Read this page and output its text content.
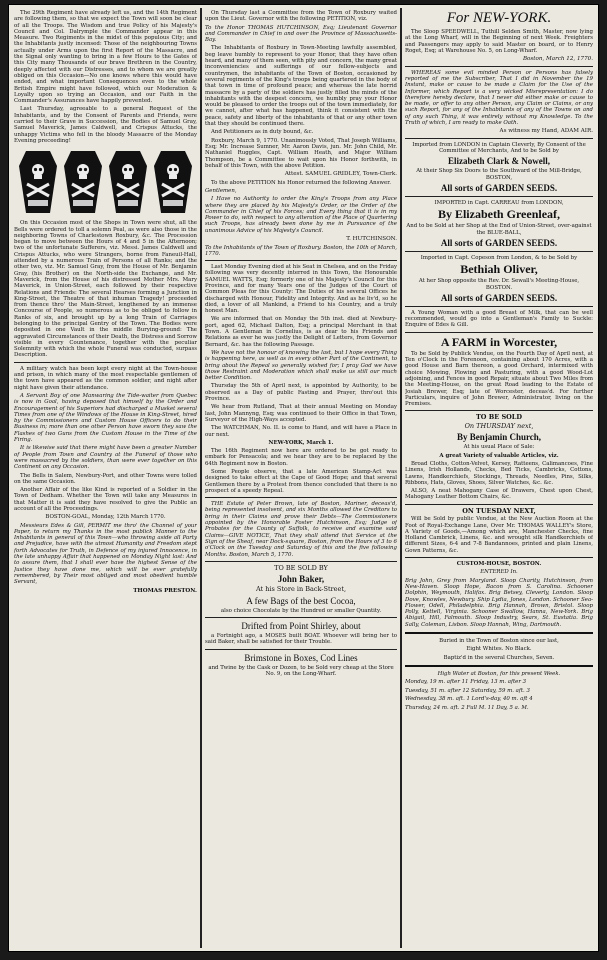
The 29th Regiment have already left us, and the 14th Regiment are following them, so that we expect the Town will soon be clear of all the Troops. The Wisdom and true Policy of his Majesty's Council and Col. Dalrymple the Commander appear in this Measure. Two Regiments in the midst of this populous City; and the Inhabitants justly incensed: Those of the neighbouring Towns actually under Arms upon the first Report of the Massacre, and the Signal only wanting to bring in a few Hours to the Gates of this City many Thousands of our brave Brethren in the Country, deeply affected with our Distresses, and to whom we are greatly obliged on this Occasion—No one knows where this would have ended, and what important Consequences even to the whole British Empire might have followed, which our Moderation & Loyalty upon so trying an Occasion, and our Faith in the Commander's Assurances have happily prevented.

Last Thursday, agreeable to a general Request of the Inhabitants, and by the Consent of Parents and Friends, were carried to their Grave in Succession, the Bodies of Samuel Gray, Samuel Maverick, James Caldwell, and Crispus Attucks, the unhappy Victims who fell in the bloody Massacre of the Monday Evening preceeding!

On this Occasion most of the Shops in Town were shut, all the Bells were ordered to toll a solemn Peal, as were also those in the neighboring Towns of Charlestown Roxbury, &c. The Procession began to move between the Hours of 4 and 5 in the Afternoon; two of the unfortunate Sufferers, viz. Messi. James Caldwell and Crispus Attucks, who were Strangers, borne from Faneuil-Hall, attended by a numerous Train of Persons of all Ranks; and the other two, viz. Mr. Samuel Gray, from the House of Mr. Benjamin Gray, (his Brother) on the North-side the Exchange, and Mr. Maverick, from the House of his distressed Mother Mrs. Mary Maverick, in Union-Street, each followed by their respective Relations and Friends: The several Hearses forming a Junction in King-Street, the Theatre of that inhuman Tragedy! proceeded from thence thro' the Main-Street, lengthened by an immense Concourse of People, so numerous as to be obliged to follow in Ranks of six, and brought up by a long Train of Carriages belonging to the principal Gentry of the Town. The Bodies were deposited in one Vault in the middle Burying-ground: The aggravated Circumstances of their Death, the Distress and Sorrow visible in every Countenance, together with the peculiar Solemnity with which the whole Funeral was conducted, surpass Description.

A military watch has been kept every night at the Town-house and prison, in which many of the most respectable gentlemen of the town have appeared as the common soldier, and night after night have given their attendance.

A Servant Boy of one Manwaring the Tide-waiter from Quebec is now in Goal, having deposed that himself by the Order and Encouragement of his Superiors had discharged a Musket several Times from one of the Windows of the House in King-Street, hired by the Commissioners and Custom House Officers to do their Business in; more than one other Person have sworn they saw the Flashes of two Guns from the Custom House in the Time of the Firing.

It is likewise said that there might have been a greater Number of People from Town and Country at the Funeral of those who were massacred by the soldiers, than were ever together on this Continent on any Occasion.

The Bells in Salem, Newbury-Port, and other Towns were tolled on the same Occasion.

Another Affair of the like Kind is reported of a Soldier in the Town of Dedham. Whether the Town will take any Measures in that Matter it is said they have resolved to give the Public an account of all the Proceedings.

BOSTON-GOAL, Monday, 12th March 1770.

Messieurs Edes & Gill, PERMIT me thro' the Channel of your Paper, to return my Thanks in the most publick Manner to the Inhabitants in general of this Town—who throwing aside all Party and Prejudice, have with the utmost Humanity and Freedom stept forth Advocates for Truth, in Defence of my injured Innocence, in the late unhappy Affair that happened on Monday Night last: And to assure them, that I shall ever have the highest Sense of the Justice they have done me, which will be ever gratefully remembered, by Their most obliged and most obedient humble Servant,

THOMAS PRESTON.

On Thursday last a Committee from the Town of Roxbury waited upon the Lieut. Governor with the following PETITION, viz.

To the Honor THOMAS HUTCHINSON, Esq; Lieutenant Governor and Commander in Chief in and over the Province of Massachusetts-Bay.

The Inhabitants of Roxbury in Town-Meeting lawfully assembled, beg leave humbly to represent to your Honor, that they have often heard, and many of them seen, with pity and concern, the many great inconveniencies and sufferings of our fellow-subjects and countrymen, the inhabitants of the Town of Boston, occasioned by several regiments of the King's troops being quartered in the body of that town in time of profound peace; and whereas the late horrid massacre by a party of the soldiers has justly filled the minds of the inhabitants with the deepest concern, we humbly pray your Honor would be pleased to order the troops out of the town immediately, for we cannot, after what has happened, think it consistent with the peace, safety and liberty of the inhabitants of that or any other town that they should be continued there.

And Petitioners as in duty bound, &c.

Roxbury, March 9, 1770. Unanimously Voted, That Joseph Williams, Esq; Mr. Increase Sumner, Mr. Aaron Davis, jun. Mr. John Child, Mr. Nathaniel Ruggles, Capt. William Heath, and Major William Thompson, be a Committee to wait upon his Honor forthwith, in behalf of this Town, with the above Petition.

Attest. SAMUEL GRIDLEY, Town-Clerk.

To the above PETITION his Honor returned the following Answer.

Gentlemen,

I Have no Authority to order the King's Troops from any Place where they are placed by his Majesty's Order, or the Order of the Commander in Chief of his Forces; and Every thing that it is in my Power to do, with respect to any alteration of the Place of Quartering such Troops, has already been done by me in Pursuance of the unanimous Advice of his Majesty's Council.

T. HUTCHINSON.

To the Inhabitants of the Town of Roxbury. Boston, the 10th of March, 1770.

Last Monday Evening died at his Seat in Chelsea, and on the Friday following was very decently interred in this Town, the Honourable SAMUEL WATTS, Esq; formerly one of his Majesty's Council for this Province, and for many Years one of the Judges of the Court of Common Pleas for this County: The Duties of his several Offices he discharged with Honour, Fidelity and Integrity. And as he liv'd, so he died, a lover of all Mankind, a Friend to his Country, and a truly honest Man.

We are informed that on Monday the 5th inst. died at Newbury-port, aged 62, Michael Dalton, Esq; a principal Merchant in that Town. A Gentleman in Cornelius, is as dear to his Friends and Relations as ever he was justly the Delight of Letters, from Governor Bernard, &c. has the following Passage.

We have not the honour of knowing the last, but I hope every Thing is happening here, as well as in every other Part of the Continent, to bring about the Repeal so generally wished for; I pray God we have those Restraint and Moderation which shall make us still our much better Condition.

Thursday the 5th of April next, is appointed by Authority, to be observed as a Day of public Fasting and Prayer, thro'out this Province.

We hear from Rutland, That at their annual Meeting on Monday last, John Mannyng, Esq; was continued to their Office in that Town, Surveyor of the High-Ways accepted.

The WATCHMAN, No. II. is come to Hand, and will have a Place in our next.

NEW-YORK, March 1.

The 16th Regiment now here are ordered to be got ready to embark for Pensacola; and we hear they are to be replaced by the 64th Regiment now in Boston.

Some People observe, that a late American Stamp-Act was designed to take effect at the Cape of Good Hope; and that several Gentlemen there by a Protest from thence concluded that there is no prospect of a speedy Repeal.

THE Estate of Peter Brown, late of Boston, Mariner, deceas'd, being represented insolvent, and six Months allowed the Creditors to bring in their Claims and prove their Debts—The Commissioners appointed by the Honorable Foster Hutchinson, Esq; Judge of Probates for the County of Suffolk, to receive and examine said Claims—GIVE NOTICE, That they shall attend that Service at the Sign of the Sheaf, near Dock-square, Boston, from the Hours of 3 to 6 o'Clock on the Tuesday and Saturday of this and the five following Months. Boston, March 5, 1770.

TO BE SOLD BY

John Baker,

At his Store in Back-Street,

A few Bags of the best Cocoa,

also choice Chocolate by the Hundred or smaller Quantity.

Drifted from Point Shirley, about

a Fortnight ago, a MOSES built BOAT. Whoever will bring her to said Baker, shall be satisfied for their Trouble.

Brimstone in Boxes, Cod Lines

and Twine by the Cask or Dozen, to be Sold very cheap at the Store No. 9, on the Long-Wharf.

For NEW-YORK.

The Sloop SPEEDWELL, Tuthill Selden Smith, Master, now lying at the Long Wharf, will in the Beginning of next Week. Freighters and Passengers may apply to said Master on board, or to Henry Roget, Esq; at Warehouse No. 5, on Long-Wharf.

Boston, March 12, 1770.

WHEREAS some evil minded Person or Persons has falsely reported of me the Subscriber, That I did in November the 19 Instant, make or cause to be made a Claim for the Use of the Informer, which Report is a very wicked Misrepresentation: I do therefore hereby declare, that I never did either make or cause to be made, or offer to any other Person, any Claim or Claims, or any such Report, for any of the Inhabitants of any of the Towns on and of any such Thing, it was entirely without my Knowledge. To the Truth of which, I am ready to make Oath.

As witness my Hand, ADAM AIR.

Imported from LONDON in Captain Cleverly, By Consent of the Committee of Merchants, And to be Sold by

Elizabeth Clark & Nowell,

At their Shop Six Doors to the Southward of the Mill-Bridge, BOSTON,

All sorts of GARDEN SEEDS.

IMPORTED in Capt. CARREAU from LONDON,

By Elizabeth Greenleaf,

And to be Sold at her Shop at the End of Union-Street, over-against the BLUE-BALL,

All sorts of GARDEN SEEDS.

Imported in Capt. Copeson from London, & to be Sold by

Bethiah Oliver,

At her Shop opposite the Rev. Dr. Sewall's Meeting-House, BOSTON.

All sorts of GARDEN SEEDS.

A Young Woman with a good Breast of Milk, that can be well recommended, would go into a Gentleman's Family to Suckle: Enquire of Edes & Gill.

A FARM in Worcester,

To be Sold by Publick Vendue, on the Fourth Day of April next, at Ten o'Clock in the Forenoon, containing about 170 Acres, with a good House and Barn thereon, a good Orchard, intermixed with choice Mowing, Plowing and Pasturing, with a good Wood-Lot adjoining, and Fences in good Repair, situate about Two Miles from the Meeting-House, on the great Road leading to the Estate of Josiah Brewer, Esq; late of Worcester, deceas'd. For further Particulars, inquire of John Brewer, Administrator, living on the Premises.

TO BE SOLD

On THURSDAY next,

By Benjamin Church,

At his usual Place of Sale:

A great Variety of valuable Articles, viz.

Broad Cloths, Cotton-Velvet, Kersey, Ratteens, Calimancoes, Fine Linens, Irish Hollands, Checks, Bed Ticks, Cambricks, Cottons, Lawns, Handkerchiefs, Stockings, Threads, Needles, Pins, Silks, Ribbons, Hats, Gloves, Shoes, Silver Watches, &c. &c.

ALSO, A neat Mahogany Case of Drawers, Chest upon Chest, Mahogany Leather Bottom Chairs, &c.

ON TUESDAY NEXT,

Will be Sold by public Vendue, at the New Auction Room at the Foot of Royal-Exchange Lane, Over Mr. THOMAS WALLEY's Store, A Variety of Goods,—Among which are, Manchester Checks, fine Holland Cambrick, Linens, &c. and wrought silk Handkerchiefs of different Sizes, 6-4 and 7-8 Bandannoes, printed and plain Linens, Gown Patterns, &c.

CUSTOM-HOUSE, BOSTON.

ENTERED In.

Brig John, Grey from Maryland. Sloop Charity, Hutchinson, from New-Haven. Sloop Hope, Bacon from S. Carolina. Schooner Dolphin, Weymouth, Halifax. Brig Betsey, Cleverly, London. Sloop Dove, Knowles, Newbury. Ship Lydia, Jones, London. Schooner Sea-Flower, Odell, Philadelphia. Brig Hannah, Brown, Bristol. Sloop Polly, Kettell, Virginia. Schooner Swallow, Hanna, New-York. Brig Abigail, Hill, Falmouth. Sloop Industry, Sears, St. Eustatia. Brig Sally, Coleman, Lisbon. Sloop Hannah, Wing, Dartmouth.

Buried in the Town of Boston since our last,

Eight Whites. No Black.

Baptiz'd in the several Churches, Seven.

High Water at Boston, for this present Week.

Monday, 19 m. after 11 Friday, 13 m. after 3

Tuesday, 51 m. after 12 Saturday, 59 m. aft. 3

Wednesday, 38 m. aft. 1 Lord's-day, 40 m. aft 4

Thursday, 24 m. aft. 2 Full M. 11 Day, 5 a. M.
